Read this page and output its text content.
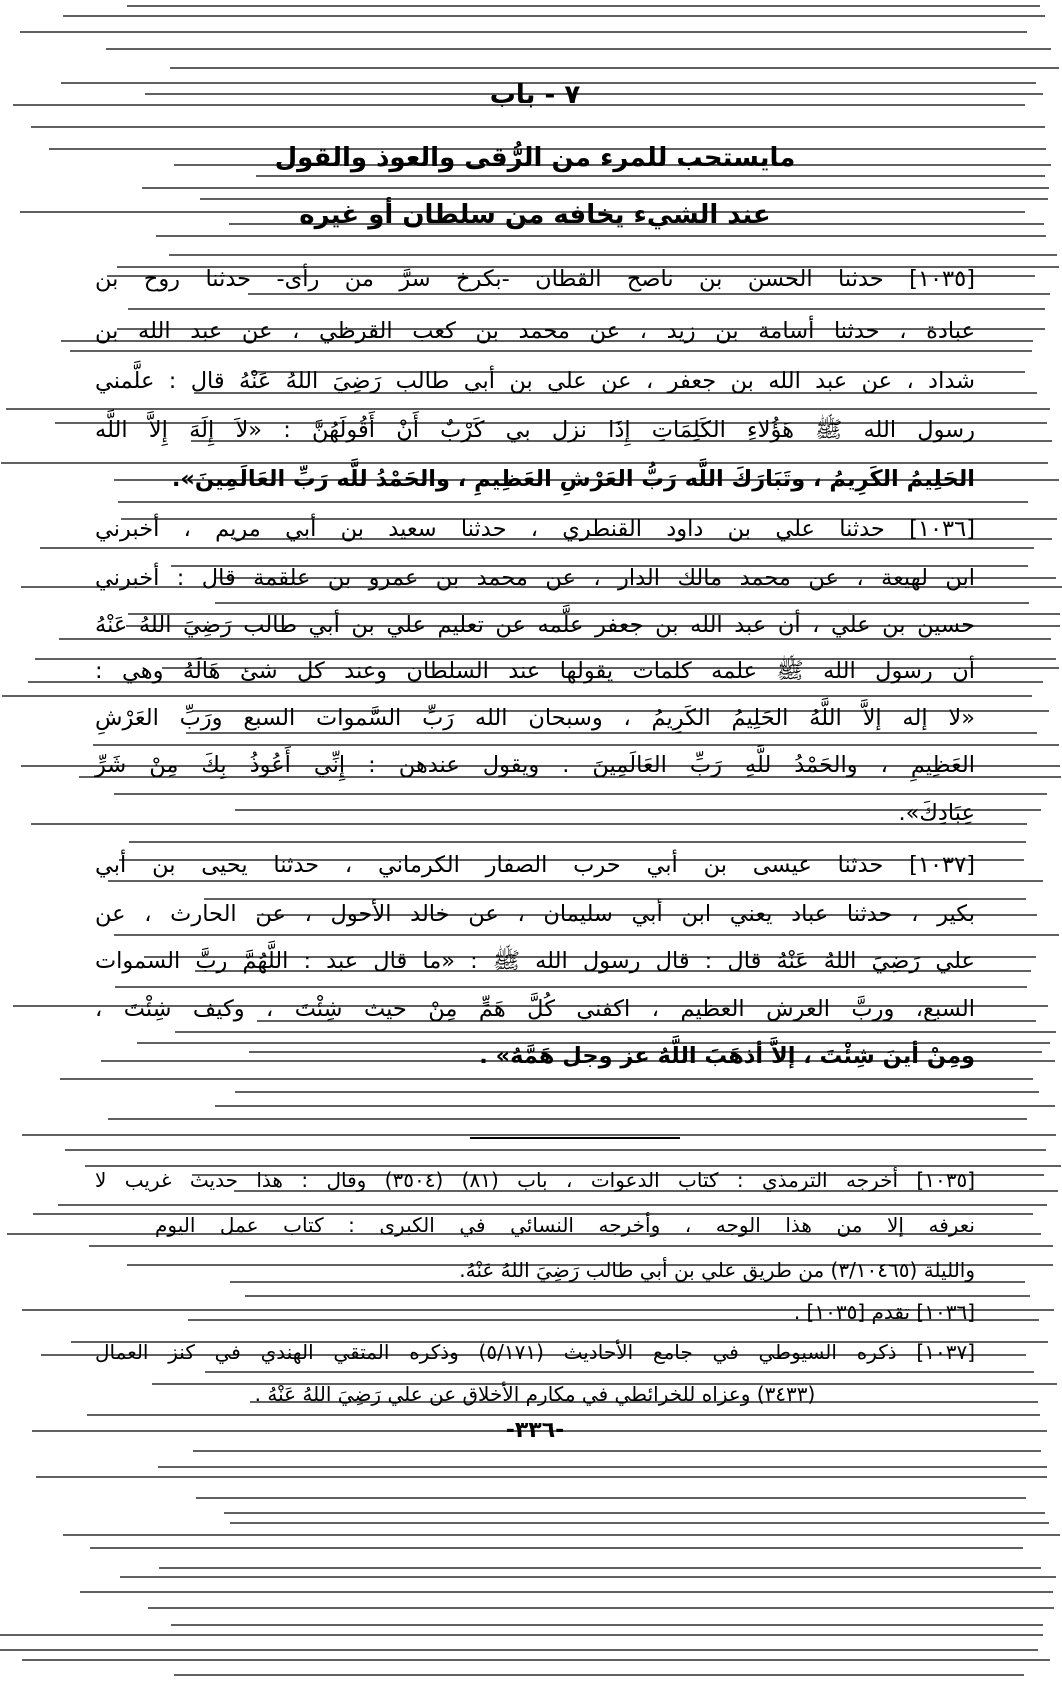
٧ - باب
مايستحب للمرء من الرُّقى والعوذ والقول
عند الشيء يخافه من سلطان أو غيره
[١٠٣٥] حدثنا الحسن بن ناصح القطان -بكرخ سرَّ من رأى- حدثنا روح بن
عبادة ، حدثنا أسامة بن زيد ، عن محمد بن كعب القرظي ، عن عبد الله بن
شداد ، عن عبد الله بن جعفر ، عن علي بن أبي طالب رَضِيَ اللهُ عَنْهُ قال : علَّمني
رسول الله ﷺ هَؤُلاءِ الكَلِمَاتِ إِذَا نزل بي كَرْبٌ أَنْ أَقُولَهُنَّ : «لاَ إِلَهَ إِلاَّ اللَّه
الحَلِيمُ الكَرِيمُ ، وتَبَارَكَ اللَّه رَبُّ العَرْشِ العَظِيمِ ، والحَمْدُ للَّه رَبِّ العَالَمِينَ».
[١٠٣٦] حدثنا علي بن داود القنطري ، حدثنا سعيد بن أبي مريم ، أخبرني
ابن لهيعة ، عن محمد مالك الدار ، عن محمد بن عمرو بن علقمة قال : أخبرني
حسين بن علي ، أن عبد الله بن جعفر علَّمه عن تعليم علي بن أبي طالب رَضِيَ اللهُ عَنْهُ
أن رسول الله ﷺ علمه كلمات يقولها عند السلطان وعند كل شئ هَالَهُ وهي :
«لا إله إلاَّ اللَّهُ الحَلِيمُ الكَرِيمُ ، وسبحان الله رَبِّ السَّموات السبع ورَبِّ العَرْشِ
العَظِيمِ ، والحَمْدُ للَّهِ رَبِّ العَالَمِينَ . ويقول عندهن : إِنِّي أَعُوذُ بِكَ مِنْ شَرِّ
عِبَادِكَ».
[١٠٣٧] حدثنا عيسى بن أبي حرب الصفار الكرماني ، حدثنا يحيى بن أبي
بكير ، حدثنا عباد يعني ابن أبي سليمان ، عن خالد الأحول ، عن الحارث ، عن
علي رَضِيَ اللهُ عَنْهُ قال : قال رسول الله ﷺ : «ما قال عبد : اللَّهُمَّ ربَّ السموات
السبع، وربَّ العرش العظيم ، اكفني كُلَّ هَمٍّ مِنْ حيث شِئْتَ ، وكيف شِئْتَ ،
ومِنْ أينَ شِئْتَ ، إلاَّ أذهَبَ اللَّهُ عز وجل هَمَّهُ» .
[١٠٣٥] أخرجه الترمذي : كتاب الدعوات ، باب (٨١) (٣٥٠٤) وقال : هذا حديث غريب لا
نعرفه إلا من هذا الوجه ، وأخرجه النسائي في الكبرى : كتاب عمل اليوم
والليلة (٣/١٠٤٦٥) من طريق علي بن أبي طالب رَضِيَ اللهُ عَنْهُ.
[١٠٣٦] تقدم [١٠٣٥] .
[١٠٣٧] ذكره السيوطي في جامع الأحاديث (٥/١٧١) وذكره المتقي الهندي في كنز العمال
(٣٤٣٣) وعزاه للخرائطي في مكارم الأخلاق عن علي رَضِيَ اللهُ عَنْهُ .
-٣٣٦-
